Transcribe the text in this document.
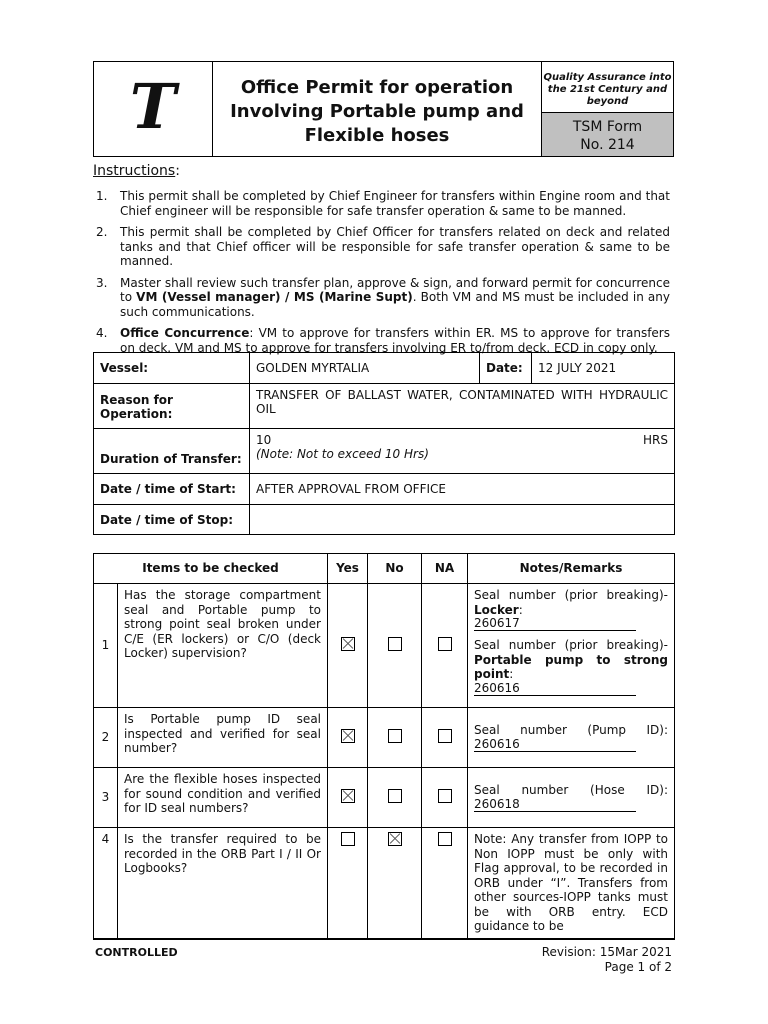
T	Office Permit for operation
Involving Portable pump and
Flexible hoses
Quality Assurance into
the 21st Century and
beyond
TSM Form
No. 214
Instructions:
1.	This permit shall be completed by Chief Engineer for transfers within Engine room and that Chief engineer will be responsible for safe transfer operation & same to be manned.
2.	This permit shall be completed by Chief Officer for transfers related on deck and related tanks and that Chief officer will be responsible for safe transfer operation & same to be manned.
3.	Master shall review such transfer plan, approve & sign, and forward permit for concurrence to VM (Vessel manager) / MS (Marine Supt). Both VM and MS must be included in any such communications.
4.	Office Concurrence: VM to approve for transfers within ER. MS to approve for transfers on deck. VM and MS to approve for transfers involving ER to/from deck. ECD in copy only.
Vessel:	GOLDEN MYRTALIA	Date:	12 JULY 2021
Reason for Operation:	TRANSFER OF BALLAST WATER, CONTAMINATED WITH HYDRAULIC OIL		
Duration of Transfer:	10 HRS
(Note: Not to exceed 10 Hrs)		

Date / time of Start:	AFTER APPROVAL FROM OFFICE		
Date / time of Stop:			
Items to be checked		Yes	No	NA	Notes/Remarks
1	Has the storage compartment seal and Portable pump to strong point seal broken under C/E (ER lockers) or C/O (deck Locker) supervision?				Seal number (prior breaking)- Locker:
260617
Seal number (prior breaking)- Portable pump to strong point:
260616

2	Is Portable pump ID seal inspected and verified for seal number?				Seal number (Pump ID):
260616

3	Are the flexible hoses inspected for sound condition and verified for ID seal numbers?				Seal number (Hose ID):
260618

4	Is the transfer required to be recorded in the ORB Part I / II Or Logbooks?				Note: Any transfer from IOPP to Non IOPP must be only with Flag approval, to be recorded in ORB under “I”. Transfers from other sources-IOPP tanks must be with ORB entry. ECD guidance to be
CONTROLLED	Revision: 15Mar 2021
Page 1 of 2
